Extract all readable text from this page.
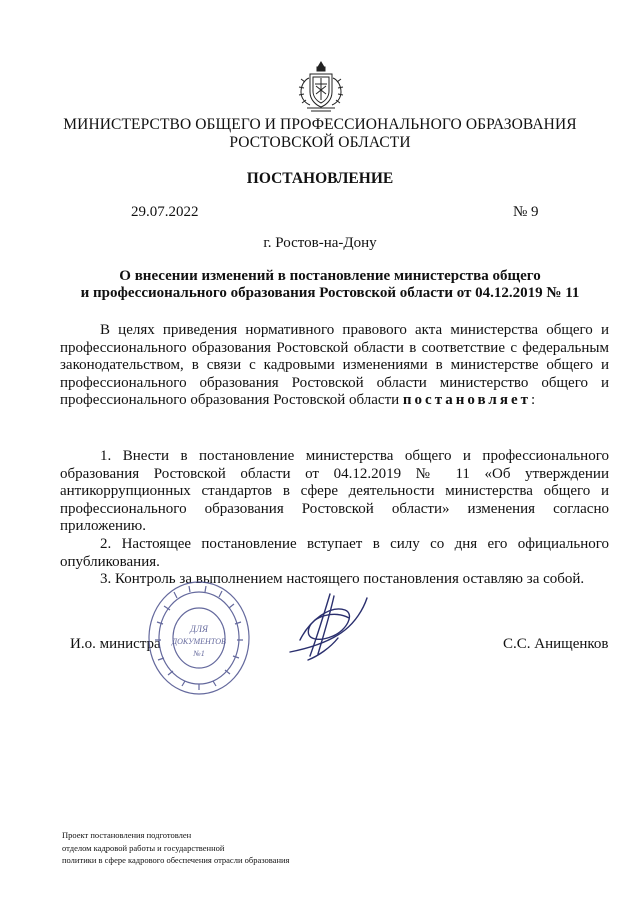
МИНИСТЕРСТВО ОБЩЕГО И ПРОФЕССИОНАЛЬНОГО ОБРАЗОВАНИЯ
РОСТОВСКОЙ ОБЛАСТИ
ПОСТАНОВЛЕНИЕ
29.07.2022	№ 9
г. Ростов-на-Дону
О внесении изменений в постановление министерства общего
и профессионального образования Ростовской области от 04.12.2019 № 11
В целях приведения нормативного правового акта министерства общего и профессионального образования Ростовской области в соответствие с федеральным законодательством, в связи с кадровыми изменениями в министерстве общего и профессионального образования Ростовской области министерство общего и профессионального образования Ростовской области постановляет:

1. Внести в постановление министерства общего и профессионального образования Ростовской области от 04.12.2019 № 11 «Об утверждении антикоррупционных стандартов в сфере деятельности министерства общего и профессионального образования Ростовской области» изменения согласно приложению.

2. Настоящее постановление вступает в силу со дня его официального опубликования.

3. Контроль за выполнением настоящего постановления оставляю за собой.

И.о. министра	С.С. Анищенков
ДЛЯ
ДОКУМЕНТОВ
№1
Проект постановления подготовлен
отделом кадровой работы и государственной
политики в сфере кадрового обеспечения отрасли образования
